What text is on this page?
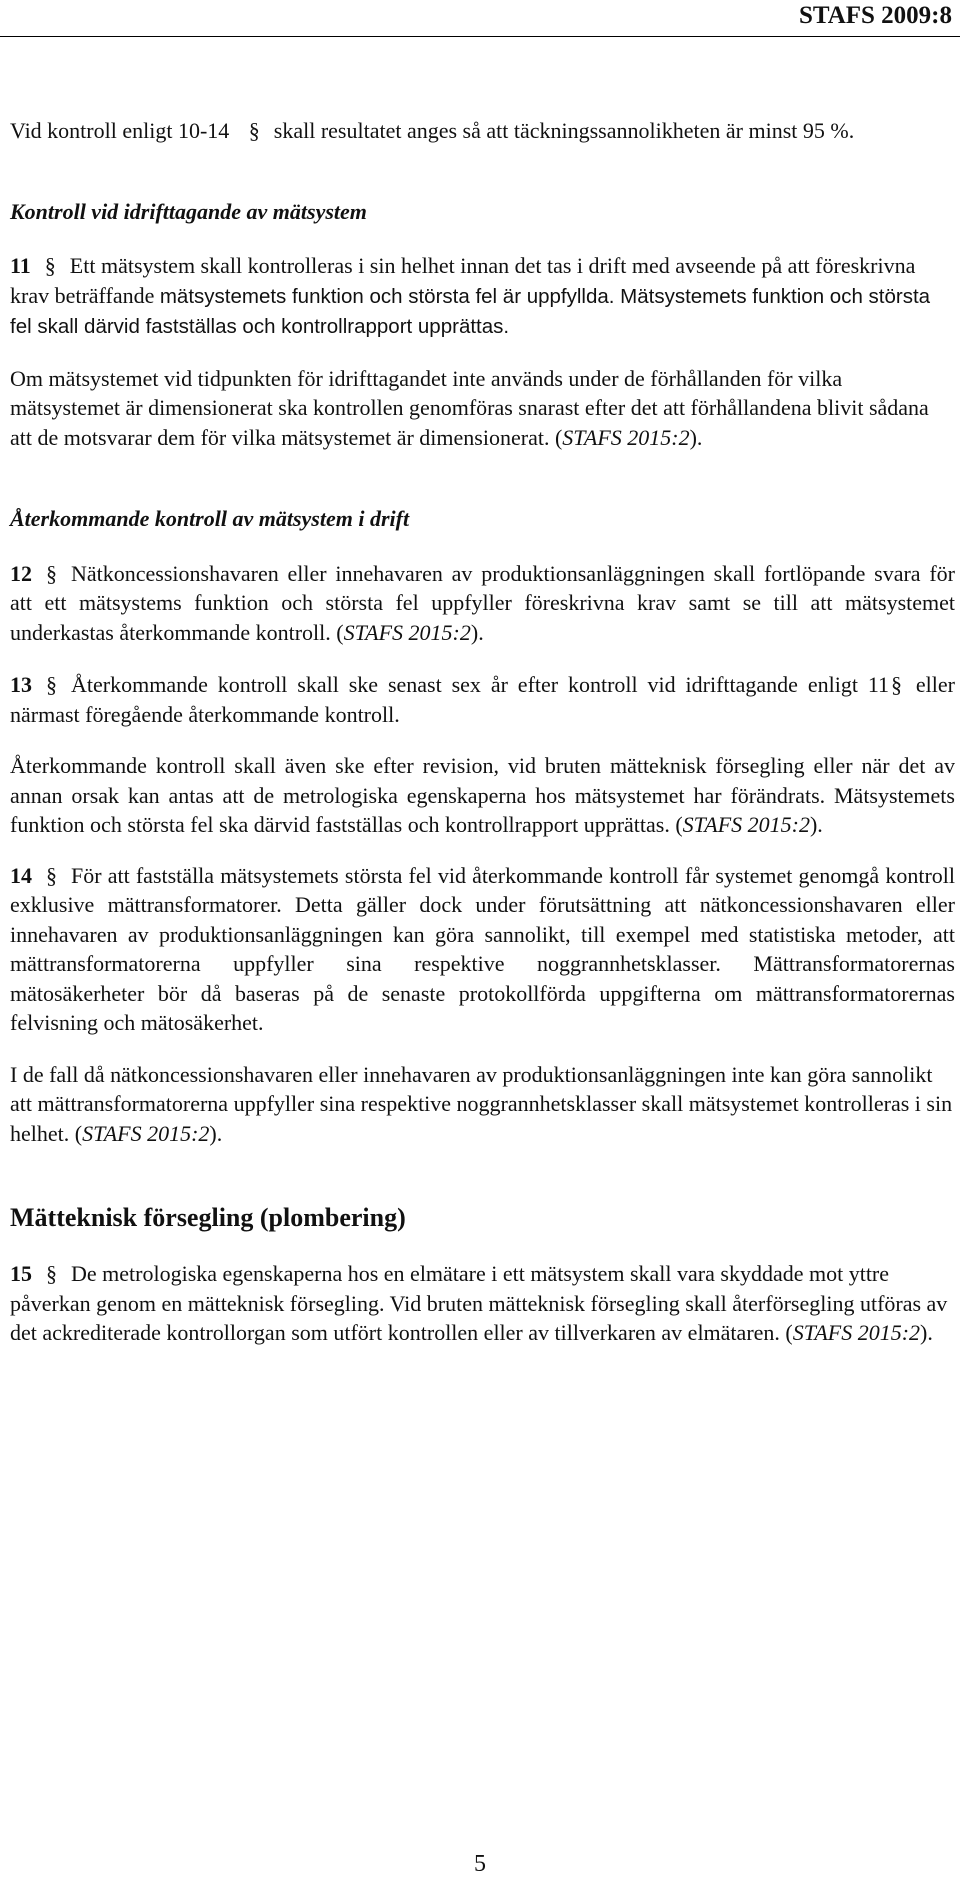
STAFS 2009:8

Vid kontroll enligt 10-14 § skall resultatet anges så att täckningssannolikheten är minst 95 %.

Kontroll vid idrifttagande av mätsystem

11 § Ett mätsystem skall kontrolleras i sin helhet innan det tas i drift med avseende på att föreskrivna krav beträffande mätsystemets funktion och största fel är uppfyllda. Mätsystemets funktion och största fel skall därvid fastställas och kontrollrapport upprättas.

Om mätsystemet vid tidpunkten för idrifttagandet inte används under de förhållanden för vilka mätsystemet är dimensionerat ska kontrollen genomföras snarast efter det att förhållandena blivit sådana att de motsvarar dem för vilka mätsystemet är dimensionerat. (STAFS 2015:2).

Återkommande kontroll av mätsystem i drift

12 § Nätkoncessionshavaren eller innehavaren av produktionsanläggningen skall fortlöpande svara för att ett mätsystems funktion och största fel uppfyller föreskrivna krav samt se till att mätsystemet underkastas återkommande kontroll. (STAFS 2015:2).

13 § Återkommande kontroll skall ske senast sex år efter kontroll vid idrifttagande enligt 11§ eller närmast föregående återkommande kontroll.

Återkommande kontroll skall även ske efter revision, vid bruten mätteknisk försegling eller när det av annan orsak kan antas att de metrologiska egenskaperna hos mätsystemet har förändrats. Mätsystemets funktion och största fel ska därvid fastställas och kontrollrapport upprättas. (STAFS 2015:2).

14 § För att fastställa mätsystemets största fel vid återkommande kontroll får systemet genomgå kontroll exklusive mättransformatorer. Detta gäller dock under förutsättning att nätkoncessionshavaren eller innehavaren av produktionsanläggningen kan göra sannolikt, till exempel med statistiska metoder, att mättransformatorerna uppfyller sina respektive noggrannhetsklasser. Mättransformatorernas mätosäkerheter bör då baseras på de senaste protokollförda uppgifterna om mättransformatorernas felvisning och mätosäkerhet.

I de fall då nätkoncessionshavaren eller innehavaren av produktionsanläggningen inte kan göra sannolikt att mättransformatorerna uppfyller sina respektive noggrannhetsklasser skall mätsystemet kontrolleras i sin helhet. (STAFS 2015:2).

Mätteknisk försegling (plombering)

15 § De metrologiska egenskaperna hos en elmätare i ett mätsystem skall vara skyddade mot yttre påverkan genom en mätteknisk försegling. Vid bruten mätteknisk försegling skall återförsegling utföras av det ackrediterade kontrollorgan som utfört kontrollen eller av tillverkaren av elmätaren. (STAFS 2015:2).

5
